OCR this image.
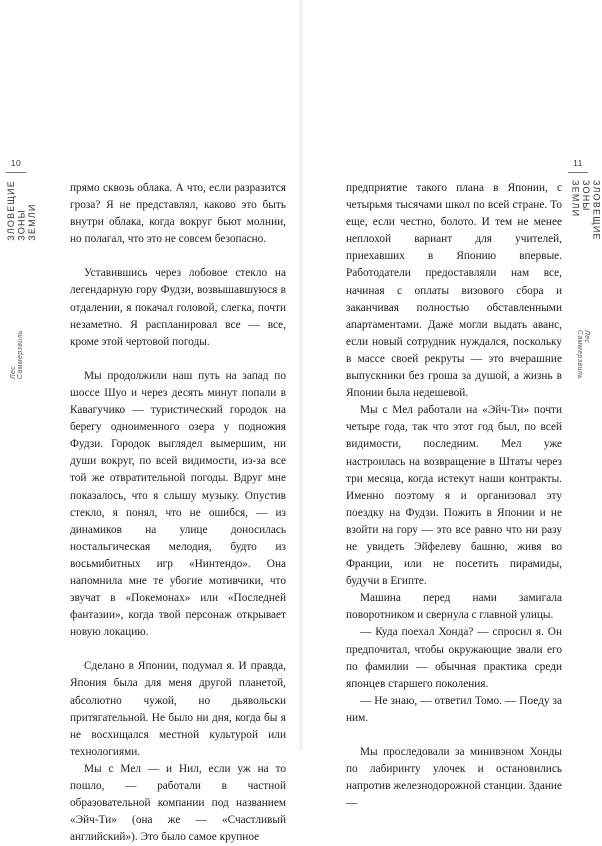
10
ЗЛОВЕЩИЕ
ЗОНЫ ЗЕМЛИ
Лес Саммерзвиль

прямо сквозь облака. А что, если разразится гроза? Я не представлял, каково это быть внутри облака, когда вокруг бьют молнии, но полагал, что это не совсем безопасно.

Уставившись через лобовое стекло на легендарную гору Фудзи, возвышавшуюся в отдалении, я покачал головой, слегка, почти незаметно. Я распланировал все — все, кроме этой чертовой погоды.

Мы продолжили наш путь на запад по шоссе Шуо и через десять минут попали в Кавагучико — туристический городок на берегу одноименного озера у подножия Фудзи. Городок выглядел вымершим, ни души вокруг, по всей видимости, из-за все той же отвратительной погоды. Вдруг мне показалось, что я слышу музыку. Опустив стекло, я понял, что не ошибся, — из динамиков на улице доносилась ностальгическая мелодия, будто из восьмибитных игр «Нинтендо». Она напомнила мне те убогие мотивчики, что звучат в «Покемонах» или «Последней фантазии», когда твой персонаж открывает новую локацию.

Сделано в Японии, подумал я. И правда, Япония была для меня другой планетой, абсолютно чужой, но дьявольски притягательной. Не было ни дня, когда бы я не восхищался местной культурой или технологиями.

Мы с Мел — и Нил, если уж на то пошло, — работали в частной образовательной компании под названием «Эйч-Ти» (она же — «Счастливый английский»). Это было самое крупное

11
ЗЛОВЕЩИЕ
ЗОНЫ ЗЕМЛИ
Лес Саммерзвиль

предприятие такого плана в Японии, с четырьмя тысячами школ по всей стране. То еще, если честно, болото. И тем не менее неплохой вариант для учителей, приехавших в Японию впервые. Работодатели предоставляли нам все, начиная с оплаты визового сбора и заканчивая полностью обставленными апартаментами. Даже могли выдать аванс, если новый сотрудник нуждался, поскольку в массе своей рекруты — это вчерашние выпускники без гроша за душой, а жизнь в Японии была недешевой.

Мы с Мел работали на «Эйч-Ти» почти четыре года, так что этот год был, по всей видимости, последним. Мел уже настроилась на возвращение в Штаты через три месяца, когда истекут наши контракты. Именно поэтому я и организовал эту поездку на Фудзи. Пожить в Японии и не взойти на гору — это все равно что ни разу не увидеть Эйфелеву башню, живя во Франции, или не посетить пирамиды, будучи в Египте.

Машина перед нами замигала поворотником и свернула с главной улицы.

— Куда поехал Хонда? — спросил я. Он предпочитал, чтобы окружающие звали его по фамилии — обычная практика среди японцев старшего поколения.

— Не знаю, — ответил Томо. — Поеду за ним.

Мы проследовали за минивэном Хонды по лабиринту улочек и остановились напротив железнодорожной станции. Здание —
